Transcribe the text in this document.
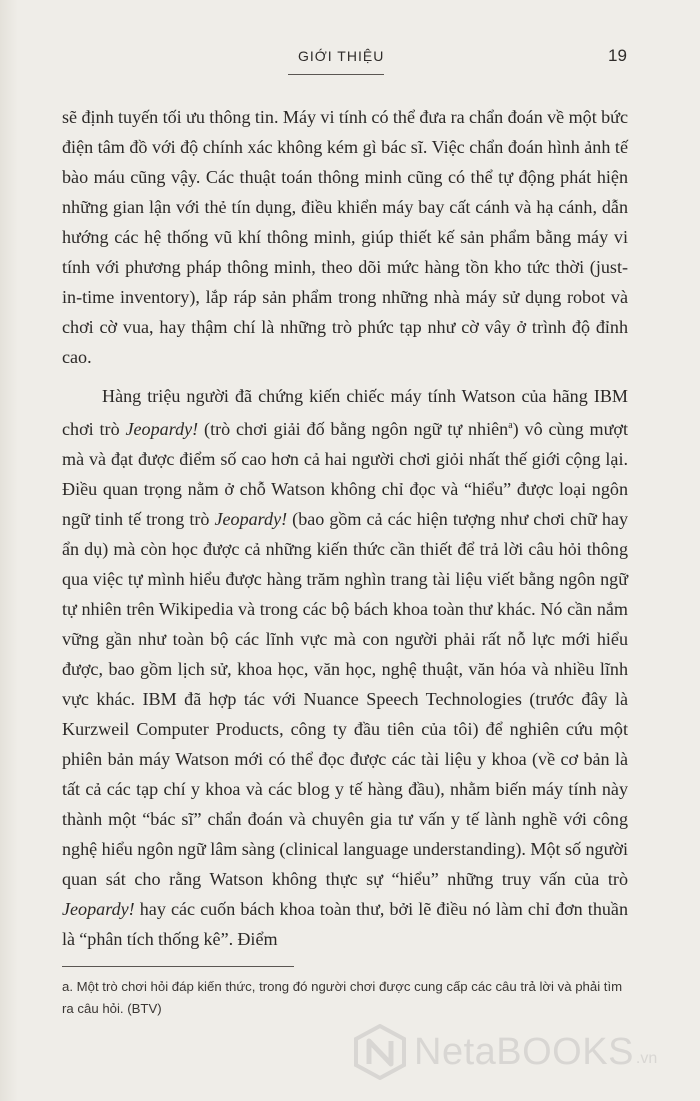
GIỚI THIỆU	19

sẽ định tuyến tối ưu thông tin. Máy vi tính có thể đưa ra chẩn đoán về một bức điện tâm đồ với độ chính xác không kém gì bác sĩ. Việc chẩn đoán hình ảnh tế bào máu cũng vậy. Các thuật toán thông minh cũng có thể tự động phát hiện những gian lận với thẻ tín dụng, điều khiển máy bay cất cánh và hạ cánh, dẫn hướng các hệ thống vũ khí thông minh, giúp thiết kế sản phẩm bằng máy vi tính với phương pháp thông minh, theo dõi mức hàng tồn kho tức thời (just-in-time inventory), lắp ráp sản phẩm trong những nhà máy sử dụng robot và chơi cờ vua, hay thậm chí là những trò phức tạp như cờ vây ở trình độ đỉnh cao.

Hàng triệu người đã chứng kiến chiếc máy tính Watson của hãng IBM chơi trò Jeopardy! (trò chơi giải đố bằng ngôn ngữ tự nhiên$^a$) vô cùng mượt mà và đạt được điểm số cao hơn cả hai người chơi giỏi nhất thế giới cộng lại. Điều quan trọng nằm ở chỗ Watson không chỉ đọc và “hiểu” được loại ngôn ngữ tinh tế trong trò Jeopardy! (bao gồm cả các hiện tượng như chơi chữ hay ẩn dụ) mà còn học được cả những kiến thức cần thiết để trả lời câu hỏi thông qua việc tự mình hiểu được hàng trăm nghìn trang tài liệu viết bằng ngôn ngữ tự nhiên trên Wikipedia và trong các bộ bách khoa toàn thư khác. Nó cần nắm vững gần như toàn bộ các lĩnh vực mà con người phải rất nỗ lực mới hiểu được, bao gồm lịch sử, khoa học, văn học, nghệ thuật, văn hóa và nhiều lĩnh vực khác. IBM đã hợp tác với Nuance Speech Technologies (trước đây là Kurzweil Computer Products, công ty đầu tiên của tôi) để nghiên cứu một phiên bản máy Watson mới có thể đọc được các tài liệu y khoa (về cơ bản là tất cả các tạp chí y khoa và các blog y tế hàng đầu), nhằm biến máy tính này thành một “bác sĩ” chẩn đoán và chuyên gia tư vấn y tế lành nghề với công nghệ hiểu ngôn ngữ lâm sàng (clinical language understanding). Một số người quan sát cho rằng Watson không thực sự “hiểu” những truy vấn của trò Jeopardy! hay các cuốn bách khoa toàn thư, bởi lẽ điều nó làm chỉ đơn thuần là “phân tích thống kê”. Điểm

a. Một trò chơi hỏi đáp kiến thức, trong đó người chơi được cung cấp các câu trả lời và phải tìm ra câu hỏi. (BTV)
NetaBOOKS .vn
